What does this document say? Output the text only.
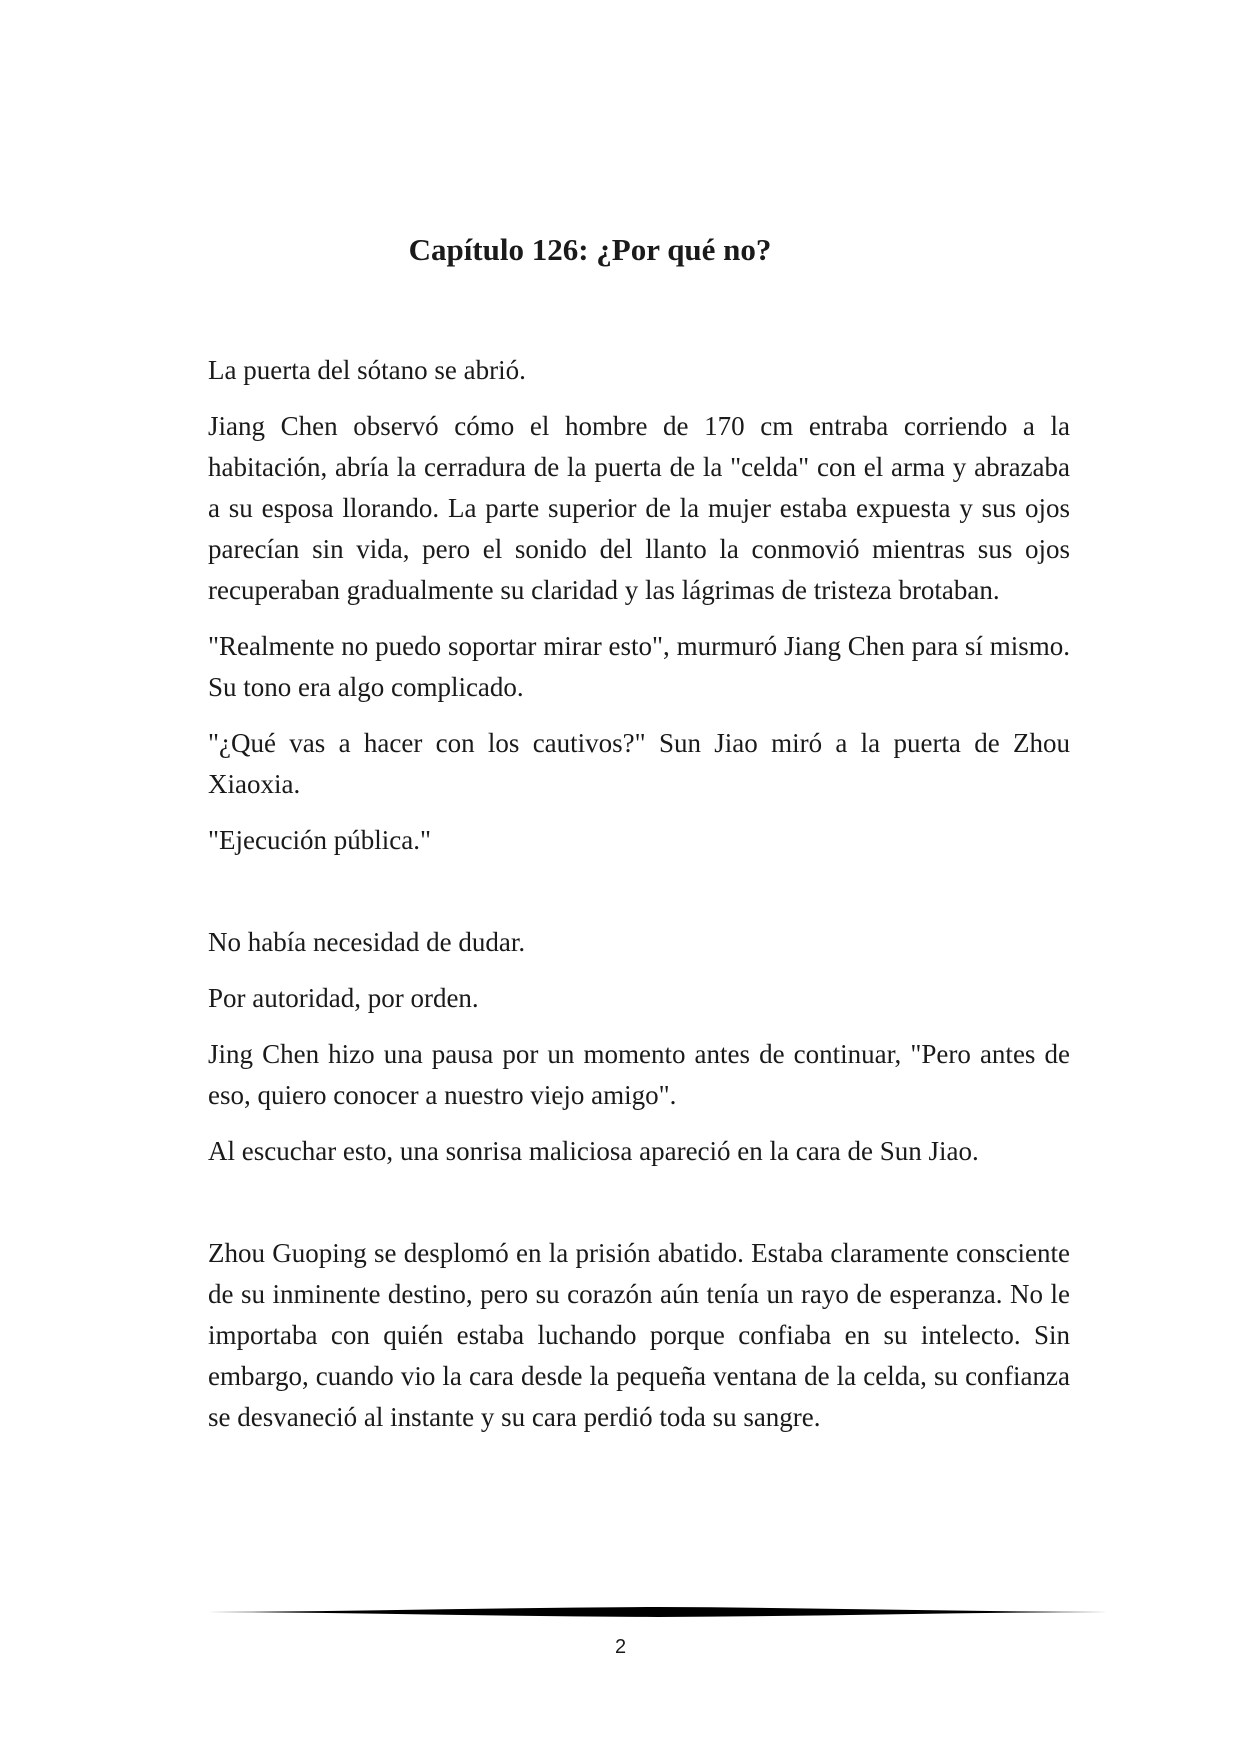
Capítulo 126: ¿Por qué no?

La puerta del sótano se abrió.

Jiang Chen observó cómo el hombre de 170 cm entraba corriendo a la habitación, abría la cerradura de la puerta de la "celda" con el arma y abrazaba a su esposa llorando. La parte superior de la mujer estaba expuesta y sus ojos parecían sin vida, pero el sonido del llanto la conmovió mientras sus ojos recuperaban gradualmente su claridad y las lágrimas de tristeza brotaban.

"Realmente no puedo soportar mirar esto", murmuró Jiang Chen para sí mismo. Su tono era algo complicado.

"¿Qué vas a hacer con los cautivos?" Sun Jiao miró a la puerta de Zhou Xiaoxia.

"Ejecución pública."

No había necesidad de dudar.

Por autoridad, por orden.

Jing Chen hizo una pausa por un momento antes de continuar, "Pero antes de eso, quiero conocer a nuestro viejo amigo".

Al escuchar esto, una sonrisa maliciosa apareció en la cara de Sun Jiao.

Zhou Guoping se desplomó en la prisión abatido. Estaba claramente consciente de su inminente destino, pero su corazón aún tenía un rayo de esperanza. No le importaba con quién estaba luchando porque confiaba en su intelecto. Sin embargo, cuando vio la cara desde la pequeña ventana de la celda, su confianza se desvaneció al instante y su cara perdió toda su sangre.

2
